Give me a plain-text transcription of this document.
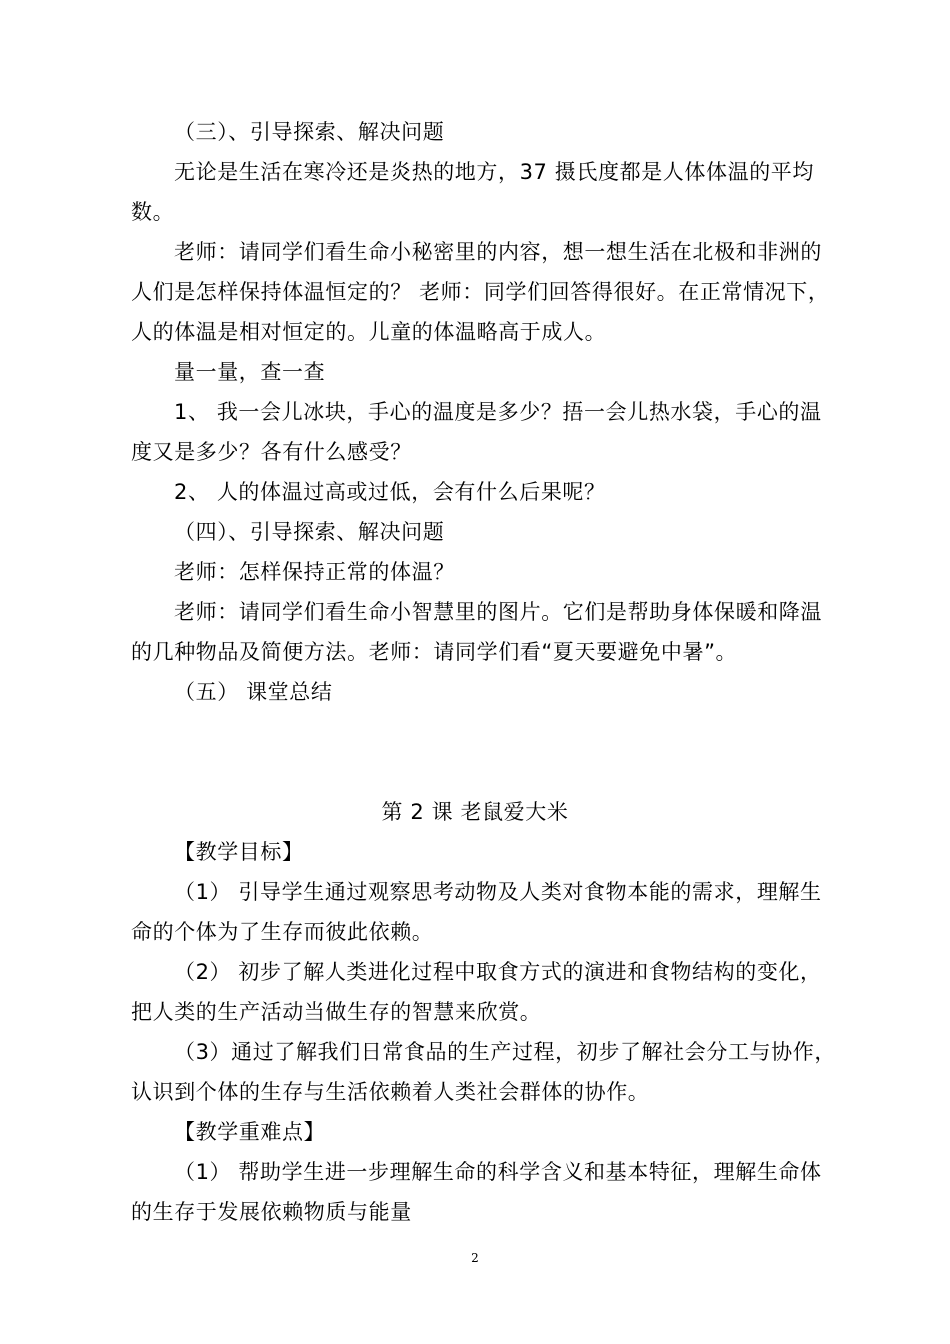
（三）、引导探索、解决问题
无论是生活在寒冷还是炎热的地方，37 摄氏度都是人体体温的平均
数。
老师：请同学们看生命小秘密里的内容，想一想生活在北极和非洲的
人们是怎样保持体温恒定的？ 老师：同学们回答得很好。在正常情况下，
人的体温是相对恒定的。儿童的体温略高于成人。
量一量，查一查
1、 我一会儿冰块，手心的温度是多少？捂一会儿热水袋，手心的温
度又是多少？各有什么感受？
2、 人的体温过高或过低，会有什么后果呢？
（四）、引导探索、解决问题
老师：怎样保持正常的体温？
老师：请同学们看生命小智慧里的图片。它们是帮助身体保暖和降温
的几种物品及简便方法。老师：请同学们看“夏天要避免中暑”。
（五） 课堂总结
第 2 课 老鼠爱大米
【教学目标】
（1） 引导学生通过观察思考动物及人类对食物本能的需求，理解生
命的个体为了生存而彼此依赖。
（2） 初步了解人类进化过程中取食方式的演进和食物结构的变化，
把人类的生产活动当做生存的智慧来欣赏。
（3）通过了解我们日常食品的生产过程，初步了解社会分工与协作，
认识到个体的生存与生活依赖着人类社会群体的协作。
【教学重难点】
（1） 帮助学生进一步理解生命的科学含义和基本特征，理解生命体
的生存于发展依赖物质与能量
2
